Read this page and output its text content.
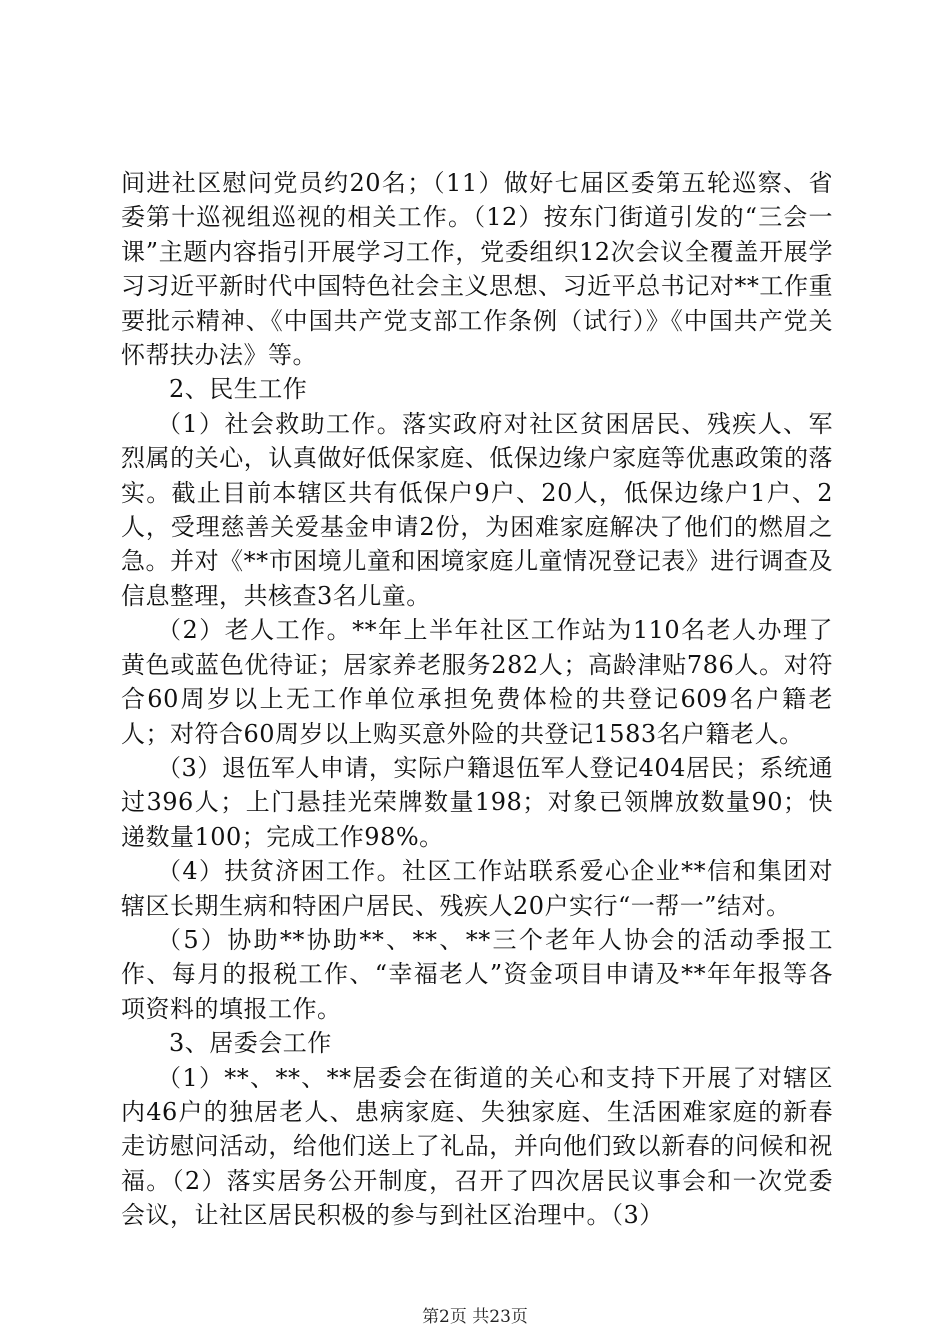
间进社区慰问党员约20名；（11）做好七届区委第五轮巡察、省委第十巡视组巡视的相关工作。（12）按东门街道引发的“三会一课”主题内容指引开展学习工作，党委组织12次会议全覆盖开展学习习近平新时代中国特色社会主义思想、习近平总书记对**工作重要批示精神、《中国共产党支部工作条例（试行）》《中国共产党关怀帮扶办法》等。

2、民生工作

（1）社会救助工作。落实政府对社区贫困居民、残疾人、军烈属的关心，认真做好低保家庭、低保边缘户家庭等优惠政策的落实。截止目前本辖区共有低保户9户、20人，低保边缘户1户、2人，受理慈善关爱基金申请2份，为困难家庭解决了他们的燃眉之急。并对《**市困境儿童和困境家庭儿童情况登记表》进行调查及信息整理，共核查3名儿童。

（2）老人工作。**年上半年社区工作站为110名老人办理了黄色或蓝色优待证；居家养老服务282人；高龄津贴786人。对符合60周岁以上无工作单位承担免费体检的共登记609名户籍老人；对符合60周岁以上购买意外险的共登记1583名户籍老人。

（3）退伍军人申请，实际户籍退伍军人登记404居民；系统通过396人；上门悬挂光荣牌数量198；对象已领牌放数量90；快递数量100；完成工作98%。

（4）扶贫济困工作。社区工作站联系爱心企业**信和集团对辖区长期生病和特困户居民、残疾人20户实行“一帮一”结对。

（5）协助**协助**、**、**三个老年人协会的活动季报工作、每月的报税工作、“幸福老人”资金项目申请及**年年报等各项资料的填报工作。

3、居委会工作

（1）**、**、**居委会在街道的关心和支持下开展了对辖区内46户的独居老人、患病家庭、失独家庭、生活困难家庭的新春走访慰问活动，给他们送上了礼品，并向他们致以新春的问候和祝福。（2）落实居务公开制度，召开了四次居民议事会和一次党委会议，让社区居民积极的参与到社区治理中。（3）

第2页 共23页
